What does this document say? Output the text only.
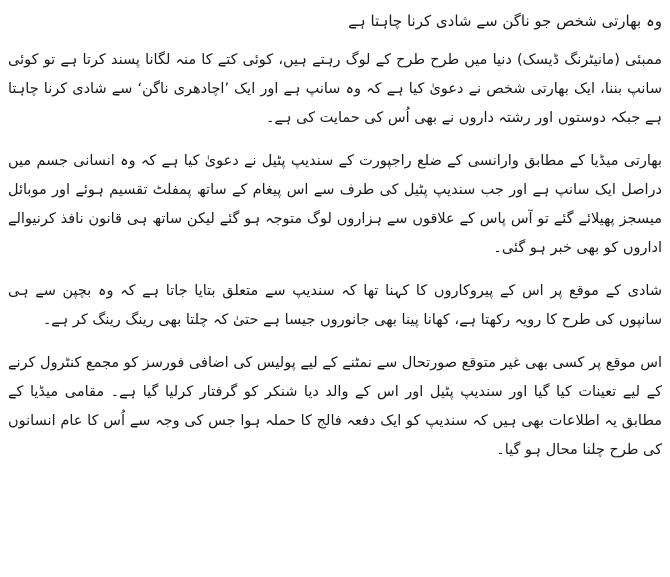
وہ بھارتی شخص جو ناگن سے شادی کرنا چاہتا ہے

ممبئی (مانیٹرنگ ڈیسک) دنیا میں طرح طرح کے لوگ رہتے ہیں، کوئی کتے کا منہ لگانا پسند کرتا ہے تو کوئی سانپ بننا، ایک بھارتی شخص نے دعویٰ کیا ہے کہ وہ سانپ ہے اور ایک ’اچادھری ناگن‘ سے شادی کرنا چاہتا ہے جبکہ دوستوں اور رشتہ داروں نے بھی اُس کی حمایت کی ہے۔

بھارتی میڈیا کے مطابق وارانسی کے ضلع راجپورت کے سندیپ پٹیل نے دعویٰ کیا ہے کہ وہ انسانی جسم میں دراصل ایک سانپ ہے اور جب سندیپ پٹیل کی طرف سے اس پیغام کے ساتھ پمفلٹ تقسیم ہوئے اور موبائل میسجز پھیلائے گئے تو آس پاس کے علاقوں سے ہزاروں لوگ متوجہ ہو گئے لیکن ساتھ ہی قانون نافذ کرنیوالے اداروں کو بھی خبر ہو گئی۔

شادی کے موقع پر اس کے پیروکاروں کا کہنا تھا کہ سندیپ سے متعلق بتایا جاتا ہے کہ وہ بچپن سے ہی سانپوں کی طرح کا رویہ رکھتا ہے، کھانا پینا بھی جانوروں جیسا ہے حتیٰ کہ چلتا بھی رینگ رینگ کر ہے۔

اس موقع پر کسی بھی غیر متوقع صورتحال سے نمٹنے کے لیے پولیس کی اضافی فورسز کو مجمع کنٹرول کرنے کے لیے تعینات کیا گیا اور سندیپ پٹیل اور اس کے والد دیا شنکر کو گرفتار کرلیا گیا ہے۔ مقامی میڈیا کے مطابق یہ اطلاعات بھی ہیں کہ سندیپ کو ایک دفعہ فالج کا حملہ ہوا جس کی وجہ سے اُس کا عام انسانوں کی طرح چلنا محال ہو گیا۔
